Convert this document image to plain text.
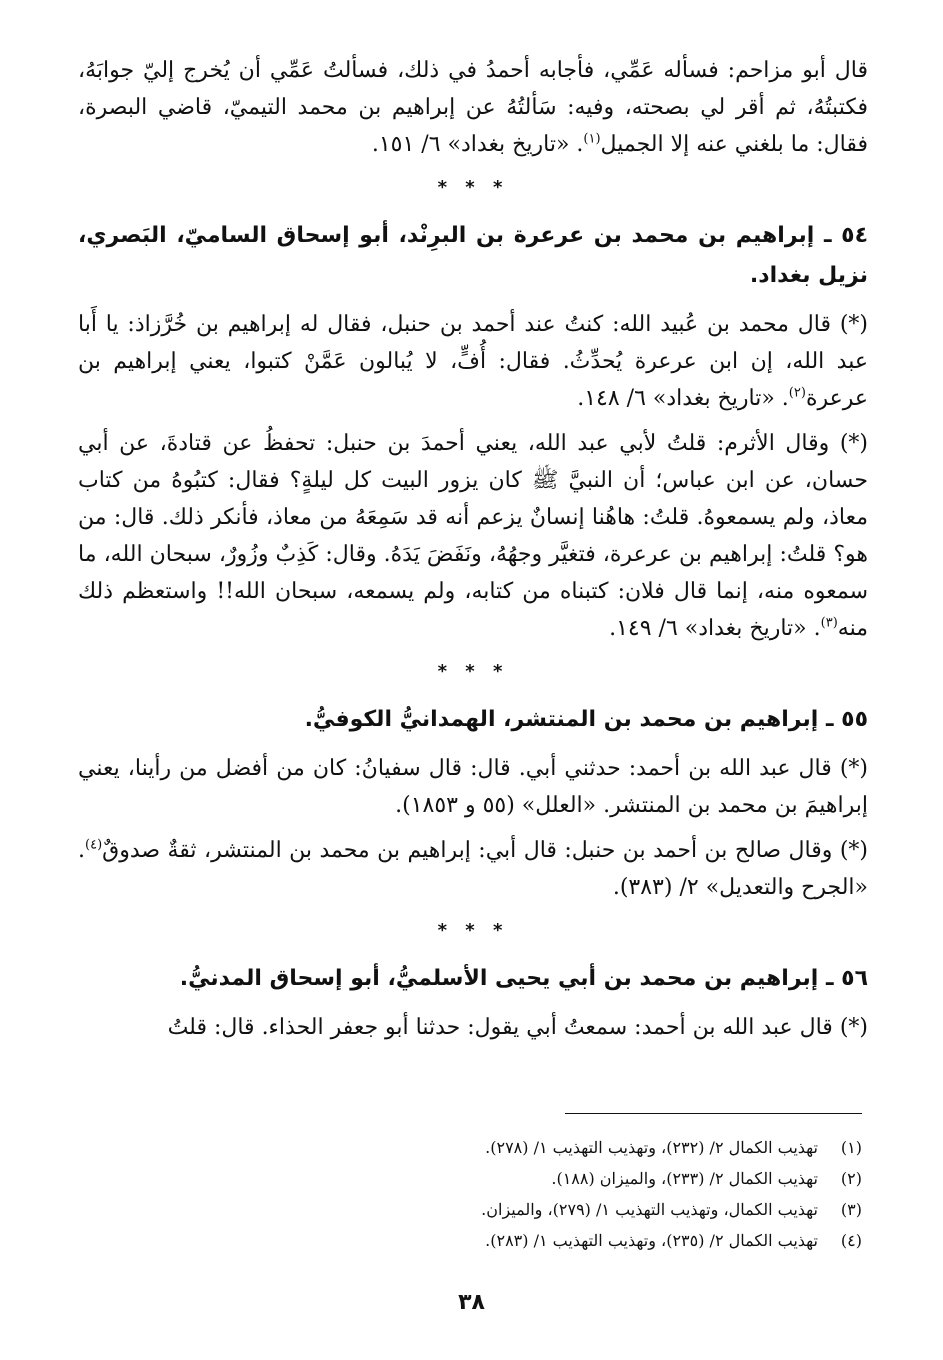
قال أبو مزاحم: فسأله عَمِّي، فأجابه أحمدُ في ذلك، فسألتُ عَمِّي أن يُخرج إليّ جوابَهُ، فكتبتُهُ، ثم أقر لي بصحته، وفيه: سَألتُهُ عن إبراهيم بن محمد التيميّ، قاضي البصرة، فقال: ما بلغني عنه إلا الجميل$^{(١)}$. «تاريخ بغداد» ٦/ ١٥١.

* * *
٥٤ ـ إبراهيم بن محمد بن عرعرة بن البرِنْد، أبو إسحاق الساميّ، البَصري، نزيل بغداد.

(*) قال محمد بن عُبيد الله: كنتُ عند أحمد بن حنبل، فقال له إبراهيم بن خُرَّزاذ: يا أَبا عبد الله، إن ابن عرعرة يُحدِّثُ. فقال: أُفٍّ، لا يُبالون عَمَّنْ كتبوا، يعني إبراهيم بن عرعرة$^{(٢)}$. «تاريخ بغداد» ٦/ ١٤٨.

(*) وقال الأثرم: قلتُ لأبي عبد الله، يعني أحمدَ بن حنبل: تحفظُ عن قتادةَ، عن أبي حسان، عن ابن عباس؛ أن النبيَّ ﷺ كان يزور البيت كل ليلةٍ؟ فقال: كتبُوهُ من كتاب معاذ، ولم يسمعوهُ. قلتُ: هاهُنا إنسانٌ يزعم أنه قد سَمِعَهُ من معاذ، فأنكر ذلك. قال: من هو؟ قلتُ: إبراهيم بن عرعرة، فتغيَّر وجهُهُ، ونَفَضَ يَدَهُ. وقال: كَذِبٌ وزُورٌ، سبحان الله، ما سمعوه منه، إنما قال فلان: كتبناه من كتابه، ولم يسمعه، سبحان الله!! واستعظم ذلك منه$^{(٣)}$. «تاريخ بغداد» ٦/ ١٤٩.

* * *
٥٥ ـ إبراهيم بن محمد بن المنتشر، الهمدانيُّ الكوفيُّ.

(*) قال عبد الله بن أحمد: حدثني أبي. قال: قال سفيانُ: كان من أفضل من رأينا، يعني إبراهيمَ بن محمد بن المنتشر. «العلل» (٥٥ و ١٨٥٣).

(*) وقال صالح بن أحمد بن حنبل: قال أبي: إبراهيم بن محمد بن المنتشر، ثقةٌ صدوقٌ$^{(٤)}$. «الجرح والتعديل» ٢/ (٣٨٣).

* * *
٥٦ ـ إبراهيم بن محمد بن أبي يحيى الأسلميُّ، أبو إسحاق المدنيُّ.

(*) قال عبد الله بن أحمد: سمعتُ أبي يقول: حدثنا أبو جعفر الحذاء. قال: قلتُ

(١)
تهذيب الكمال ٢/ (٢٣٢)، وتهذيب التهذيب ١/ (٢٧٨).
(٢)
تهذيب الكمال ٢/ (٢٣٣)، والميزان (١٨٨).
(٣)
تهذيب الكمال، وتهذيب التهذيب ١/ (٢٧٩)، والميزان.
(٤)
تهذيب الكمال ٢/ (٢٣٥)، وتهذيب التهذيب ١/ (٢٨٣).
٣٨
